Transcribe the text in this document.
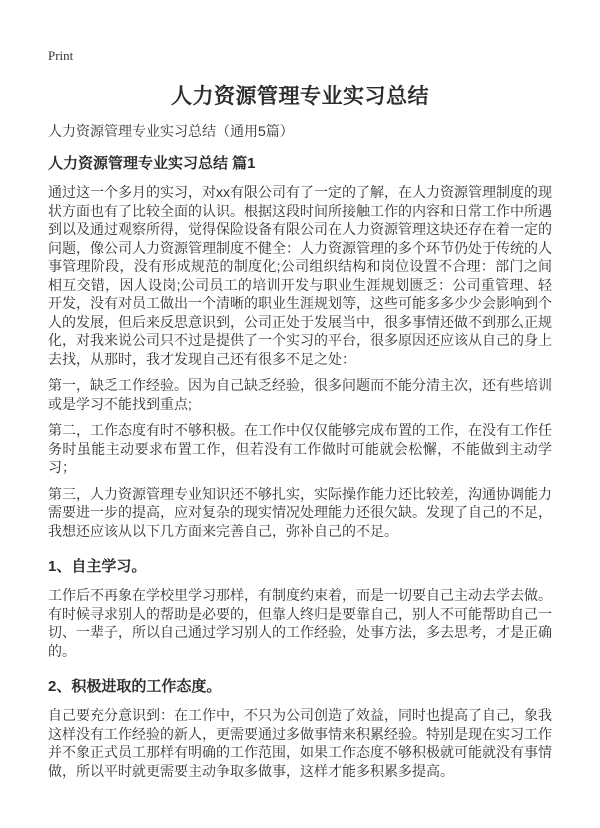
Print
人力资源管理专业实习总结

人力资源管理专业实习总结（通用5篇）

人力资源管理专业实习总结 篇1

通过这一个多月的实习，对xx有限公司有了一定的了解，在人力资源管理制度的现状方面也有了比较全面的认识。根据这段时间所接触工作的内容和日常工作中所遇到以及通过观察所得，觉得保险设备有限公司在人力资源管理这块还存在着一定的问题，像公司人力资源管理制度不健全：人力资源管理的多个环节仍处于传统的人事管理阶段，没有形成规范的制度化;公司组织结构和岗位设置不合理：部门之间相互交错，因人设岗;公司员工的培训开发与职业生涯规划匮乏：公司重管理、轻开发，没有对员工做出一个清晰的职业生涯规划等，这些可能多多少少会影响到个人的发展，但后来反思意识到，公司正处于发展当中，很多事情还做不到那么正规化，对我来说公司只不过是提供了一个实习的平台，很多原因还应该从自己的身上去找，从那时，我才发现自己还有很多不足之处：

第一，缺乏工作经验。因为自己缺乏经验，很多问题而不能分清主次，还有些培训或是学习不能找到重点;

第二，工作态度有时不够积极。在工作中仅仅能够完成布置的工作，在没有工作任务时虽能主动要求布置工作，但若没有工作做时可能就会松懈，不能做到主动学习；

第三，人力资源管理专业知识还不够扎实，实际操作能力还比较差，沟通协调能力需要进一步的提高，应对复杂的现实情况处理能力还很欠缺。发现了自己的不足，我想还应该从以下几方面来完善自己，弥补自己的不足。

1、自主学习。

工作后不再象在学校里学习那样，有制度约束着，而是一切要自己主动去学去做。有时候寻求别人的帮助是必要的，但靠人终归是要靠自己，别人不可能帮助自己一切、一辈子，所以自己通过学习别人的工作经验，处事方法，多去思考，才是正确的。

2、积极进取的工作态度。

自己要充分意识到：在工作中，不只为公司创造了效益，同时也提高了自己，象我这样没有工作经验的新人，更需要通过多做事情来积累经验。特别是现在实习工作并不象正式员工那样有明确的工作范围，如果工作态度不够积极就可能就没有事情做，所以平时就更需要主动争取多做事，这样才能多积累多提高。
